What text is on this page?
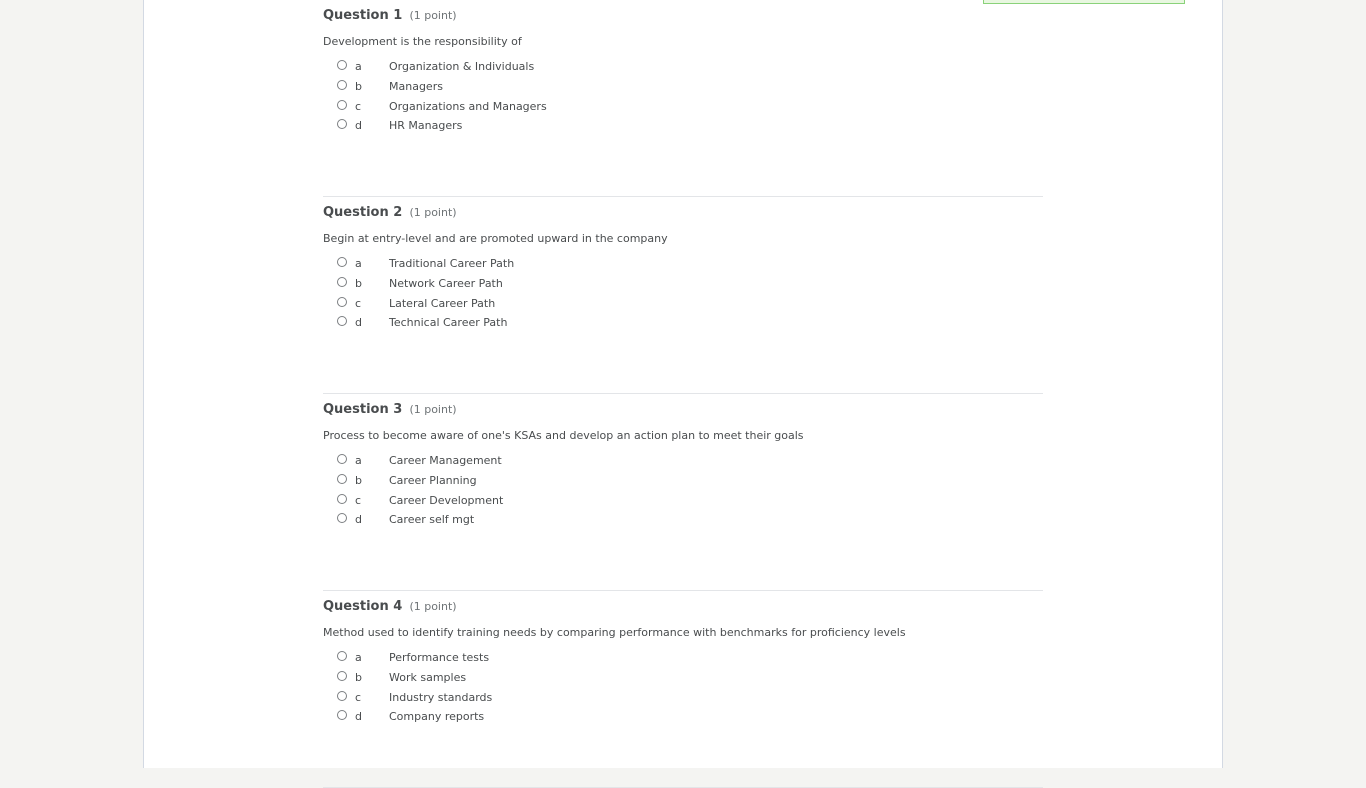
Question 1 (1 point)
Development is the responsibility of
a	Organization & Individuals
b	Managers
c	Organizations and Managers
d	HR Managers
Question 2 (1 point)
Begin at entry-level and are promoted upward in the company
a	Traditional Career Path
b	Network Career Path
c	Lateral Career Path
d	Technical Career Path
Question 3 (1 point)
Process to become aware of one's KSAs and develop an action plan to meet their goals
a	Career Management
b	Career Planning
c	Career Development
d	Career self mgt
Question 4 (1 point)
Method used to identify training needs by comparing performance with benchmarks for proficiency levels
a	Performance tests
b	Work samples
c	Industry standards
d	Company reports
